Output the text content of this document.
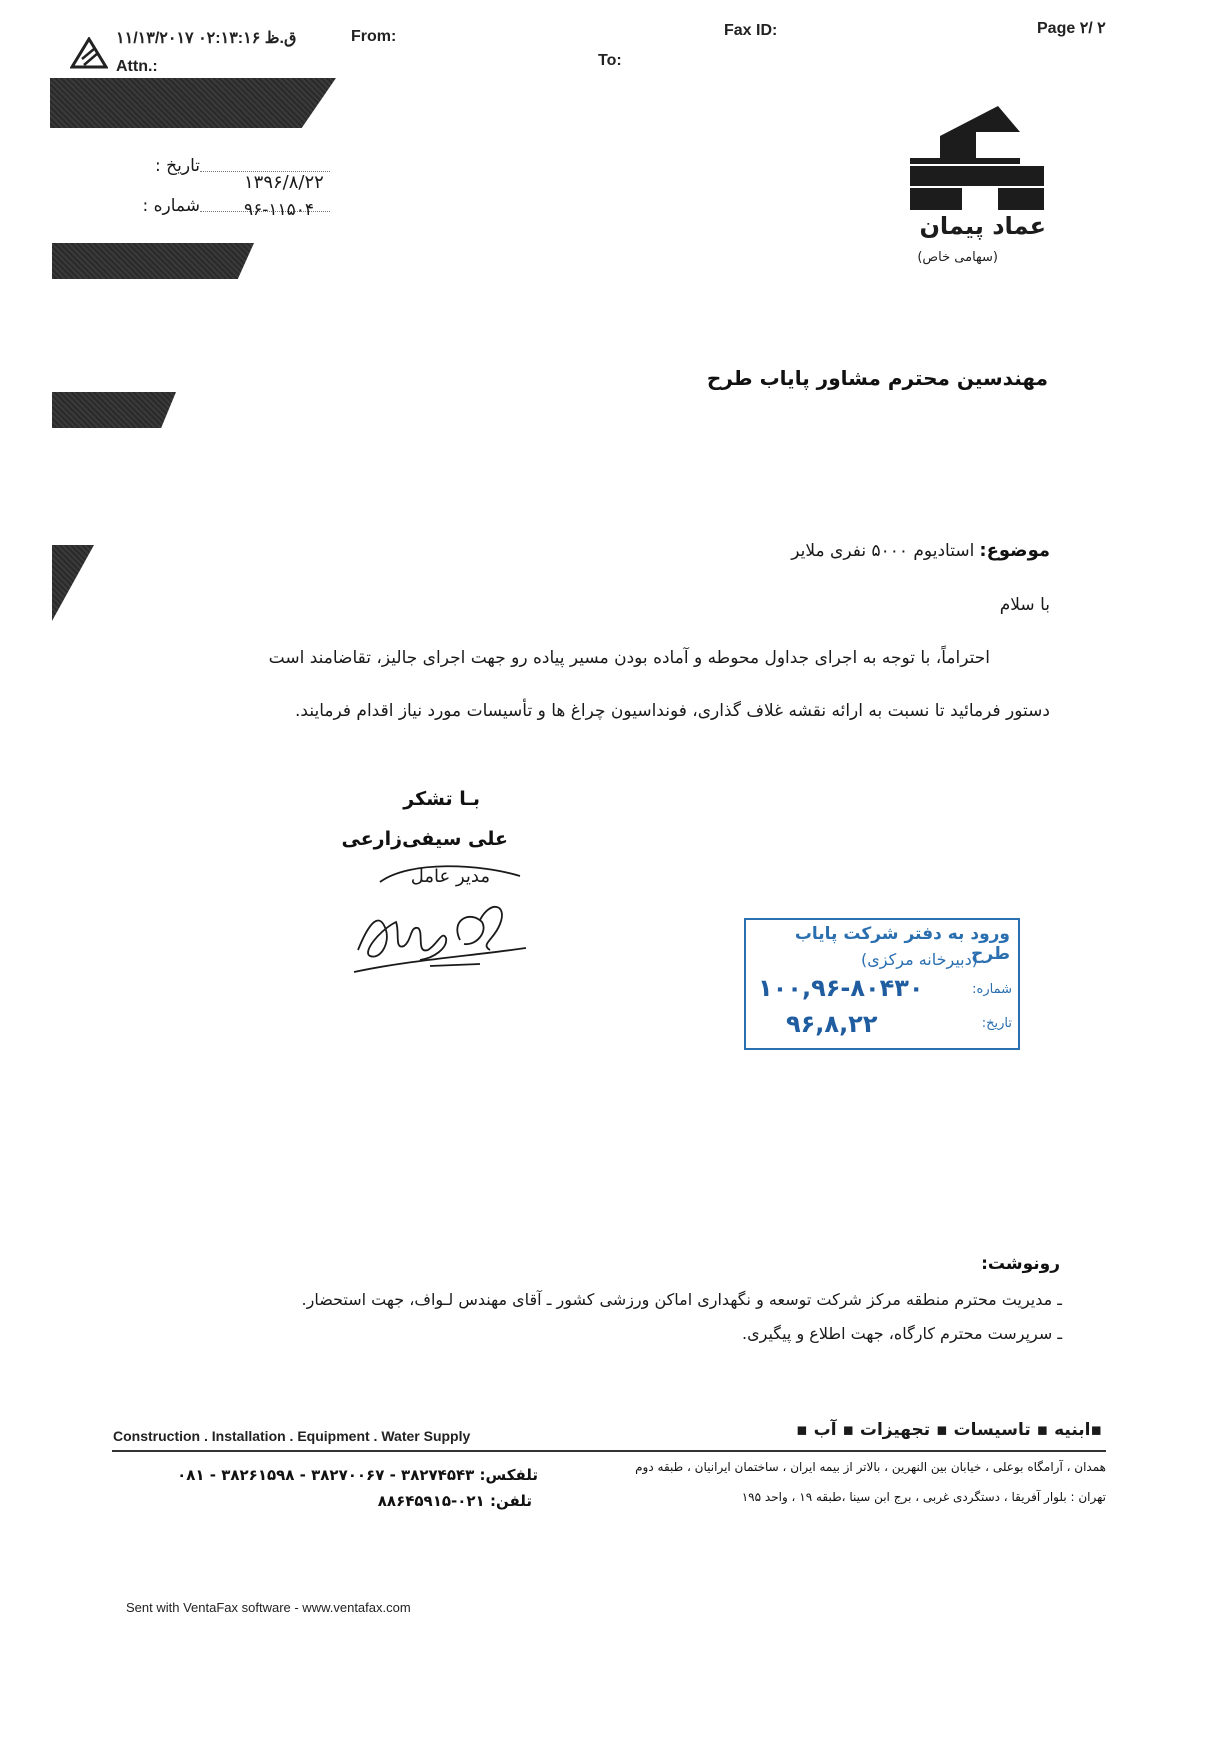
۱۱/۱۳/۲۰۱۷ ۰۲:۱۳:۱۶ ق.ظ	From:	Fax ID:	Page ۲/ ۲
Attn.:	To:
تاریخ :
۱۳۹۶/۸/۲۲
شماره :	۹۶-۱۱۵۰۴
عماد پیمان
(سهامی خاص)
مهندسین محترم مشاور پایاب طرح
موضوع: استادیوم ۵۰۰۰ نفری ملایر
با سلام
احتراماً، با توجه به اجرای جداول محوطه و آماده بودن مسیر پیاده رو جهت اجرای جالیز، تقاضامند است
دستور فرمائید تا نسبت به ارائه نقشه غلاف گذاری، فونداسیون چراغ ها و تأسیسات مورد نیاز اقدام فرمایند.
بـا تشکر
علی سیفی‌زارعی
مدیر عامل
ورود به دفتر شرکت پایاب طرح
(دبیرخانه مرکزی)
شماره:
۱۰۰,۹۶-۸۰۴۳۰
تاریخ:
۹۶,۸,۲۲
رونوشت:
ـ مدیریت محترم منطقه مرکز شرکت توسعه و نگهداری اماکن ورزشی کشور ـ آقای مهندس لـواف، جهت استحضار.
ـ سرپرست محترم کارگاه، جهت اطلاع و پیگیری.
Construction . Installation . Equipment . Water Supply	▪ابنیه ▪ تاسیسات ▪ تجهیزات ▪ آب ▪
همدان ، آرامگاه بوعلی ، خیابان بین النهرین ، بالاتر از بیمه ایران ، ساختمان ایرانیان ، طبقه دوم
تلفکس: ۳۸۲۷۴۵۴۳ - ۳۸۲۷۰۰۶۷ - ۳۸۲۶۱۵۹۸ - ۰۸۱
تهران : بلوار آفریقا ، دستگردی غربی ، برج ابن سینا ،طبقه ۱۹ ، واحد ۱۹۵
تلفن: ۰۲۱-۸۸۶۴۵۹۱۵
Sent with VentaFax software - www.ventafax.com
